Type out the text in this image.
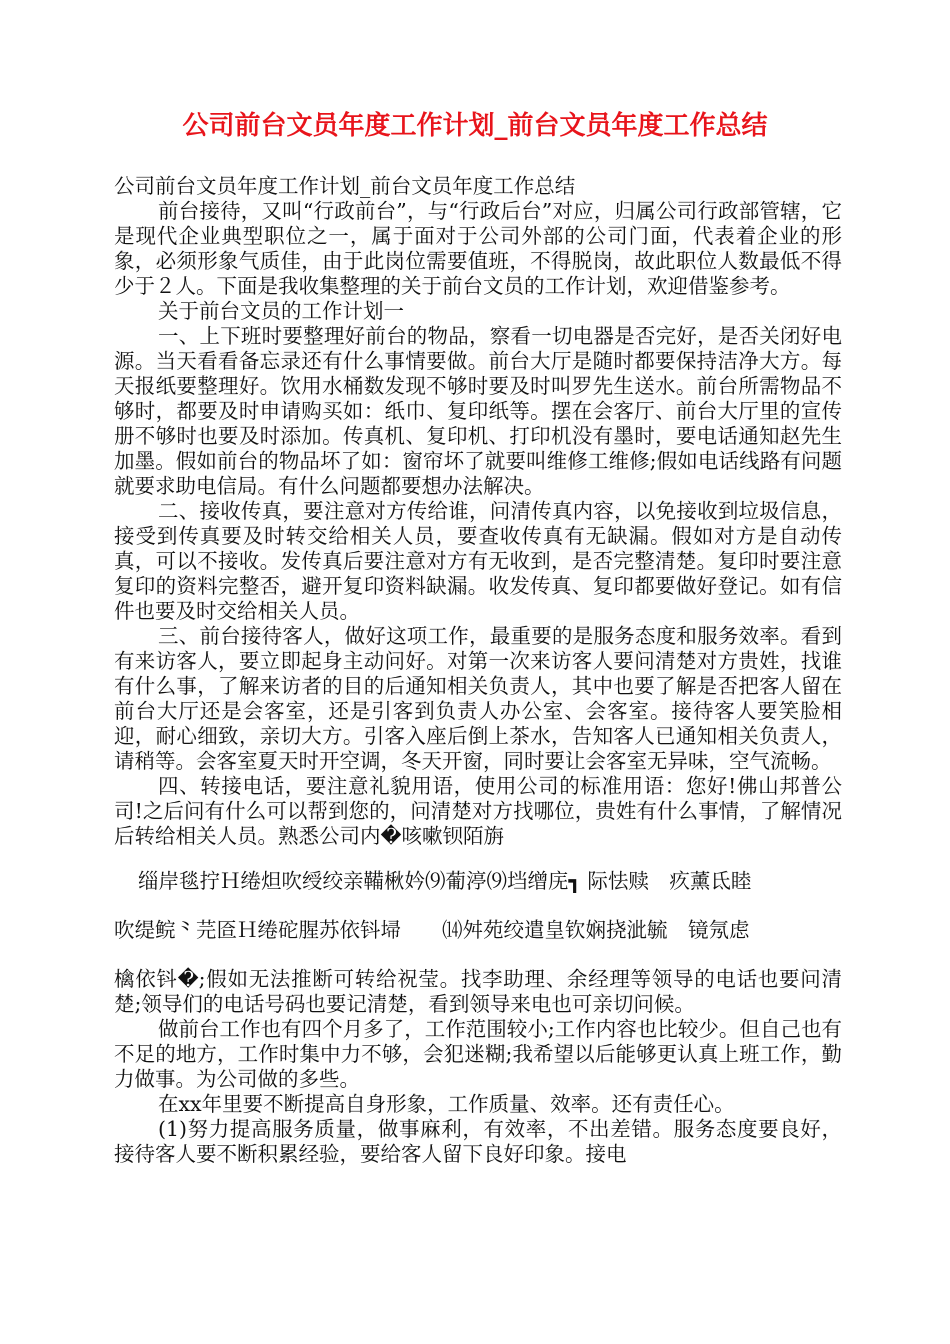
公司前台文员年度工作计划_前台文员年度工作总结

公司前台文员年度工作计划_前台文员年度工作总结

前台接待，又叫“行政前台”，与“行政后台”对应，归属公司行政部管辖，它是现代企业典型职位之一，属于面对于公司外部的公司门面，代表着企业的形象，必须形象气质佳，由于此岗位需要值班，不得脱岗，故此职位人数最低不得少于２人。下面是我收集整理的关于前台文员的工作计划，欢迎借鉴参考。

关于前台文员的工作计划一

一、上下班时要整理好前台的物品，察看一切电器是否完好，是否关闭好电源。当天看看备忘录还有什么事情要做。前台大厅是随时都要保持洁净大方。每天报纸要整理好。饮用水桶数发现不够时要及时叫罗先生送水。前台所需物品不够时，都要及时申请购买如：纸巾、复印纸等。摆在会客厅、前台大厅里的宣传册不够时也要及时添加。传真机、复印机、打印机没有墨时，要电话通知赵先生加墨。假如前台的物品坏了如：窗帘坏了就要叫维修工维修;假如电话线路有问题就要求助电信局。有什么问题都要想办法解决。

二、接收传真，要注意对方传给谁，问清传真内容，以免接收到垃圾信息，接受到传真要及时转交给相关人员，要查收传真有无缺漏。假如对方是自动传真，可以不接收。发传真后要注意对方有无收到，是否完整清楚。复印时要注意复印的资料完整否，避开复印资料缺漏。收发传真、复印都要做好登记。如有信件也要及时交给相关人员。

三、前台接待客人，做好这项工作，最重要的是服务态度和服务效率。看到有来访客人，要立即起身主动问好。对第一次来访客人要问清楚对方贵姓，找谁有什么事，了解来访者的目的后通知相关负责人，其中也要了解是否把客人留在前台大厅还是会客室，还是引客到负责人办公室、会客室。接待客人要笑脸相迎，耐心细致，亲切大方。引客入座后倒上茶水，告知客人已通知相关负责人，请稍等。会客室夏天时开空调，冬天开窗，同时要让会客室无异味，空气流畅。

四、转接电话，要注意礼貌用语，使用公司的标准用语：您好!佛山邦普公司!之后问有什么可以帮到您的，问清楚对方找哪位，贵姓有什么事情，了解情况后转给相关人员。熟悉公司内�咳嗽钡陌旃

缁岸毯拧Ｈ绻炟吹绶绞亲鞴楸妗⑼葡渟⑼垱缯庑┓ 际怯赎　疚薰氐睦

吹缇鲩⺀芫匼Ｈ绻砣腥苏依钭埽　　⒁舛苑绞遣皇钦娴挠泚毓　镜氖虑

檎依钭�;假如无法推断可转给祝莹。找李助理、余经理等领导的电话也要问清楚;领导们的电话号码也要记清楚，看到领导来电也可亲切问候。

做前台工作也有四个月多了，工作范围较小;工作内容也比较少。但自己也有不足的地方，工作时集中力不够，会犯迷糊;我希望以后能够更认真上班工作，勤力做事。为公司做的多些。

在xx年里要不断提高自身形象，工作质量、效率。还有责任心。

(1)努力提高服务质量，做事麻利，有效率，不出差错。服务态度要良好，接待客人要不断积累经验，要给客人留下良好印象。接电
